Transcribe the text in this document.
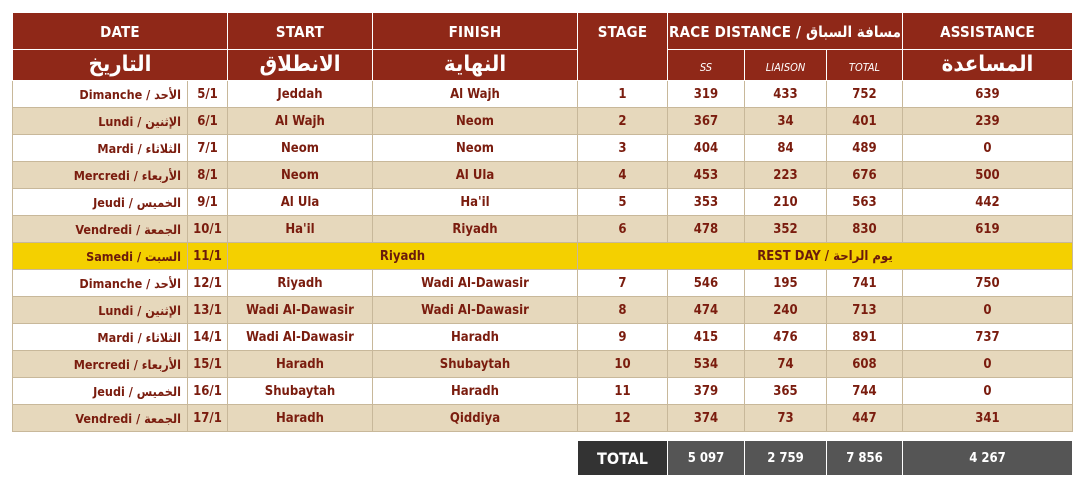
DATE		START	FINISH	STAGE	RACE DISTANCE / مسافة السباق			ASSISTANCE
التاريخ		الانطلاق	النهاية		SS	LIAISON	TOTAL	المساعدة
Dimanche / الأحد	5/1	Jeddah	Al Wajh	1	319	433	752	639
Lundi / الإثنين	6/1	Al Wajh	Neom	2	367	34	401	239
Mardi / الثلاثاء	7/1	Neom	Neom	3	404	84	489	0
Mercredi / الأربعاء	8/1	Neom	Al Ula	4	453	223	676	500
Jeudi / الخميس	9/1	Al Ula	Ha'il	5	353	210	563	442
Vendredi / الجمعة	10/1	Ha'il	Riyadh	6	478	352	830	619
Samedi / السبت	11/1	Riyadh		REST DAY / يوم الراحة				
Dimanche / الأحد	12/1	Riyadh	Wadi Al-Dawasir	7	546	195	741	750
Lundi / الإثنين	13/1	Wadi Al-Dawasir	Wadi Al-Dawasir	8	474	240	713	0
Mardi / الثلاثاء	14/1	Wadi Al-Dawasir	Haradh	9	415	476	891	737
Mercredi / الأربعاء	15/1	Haradh	Shubaytah	10	534	74	608	0
Jeudi / الخميس	16/1	Shubaytah	Haradh	11	379	365	744	0
Vendredi / الجمعة	17/1	Haradh	Qiddiya	12	374	73	447	341

				TOTAL	5 097	2 759	7 856	4 267
